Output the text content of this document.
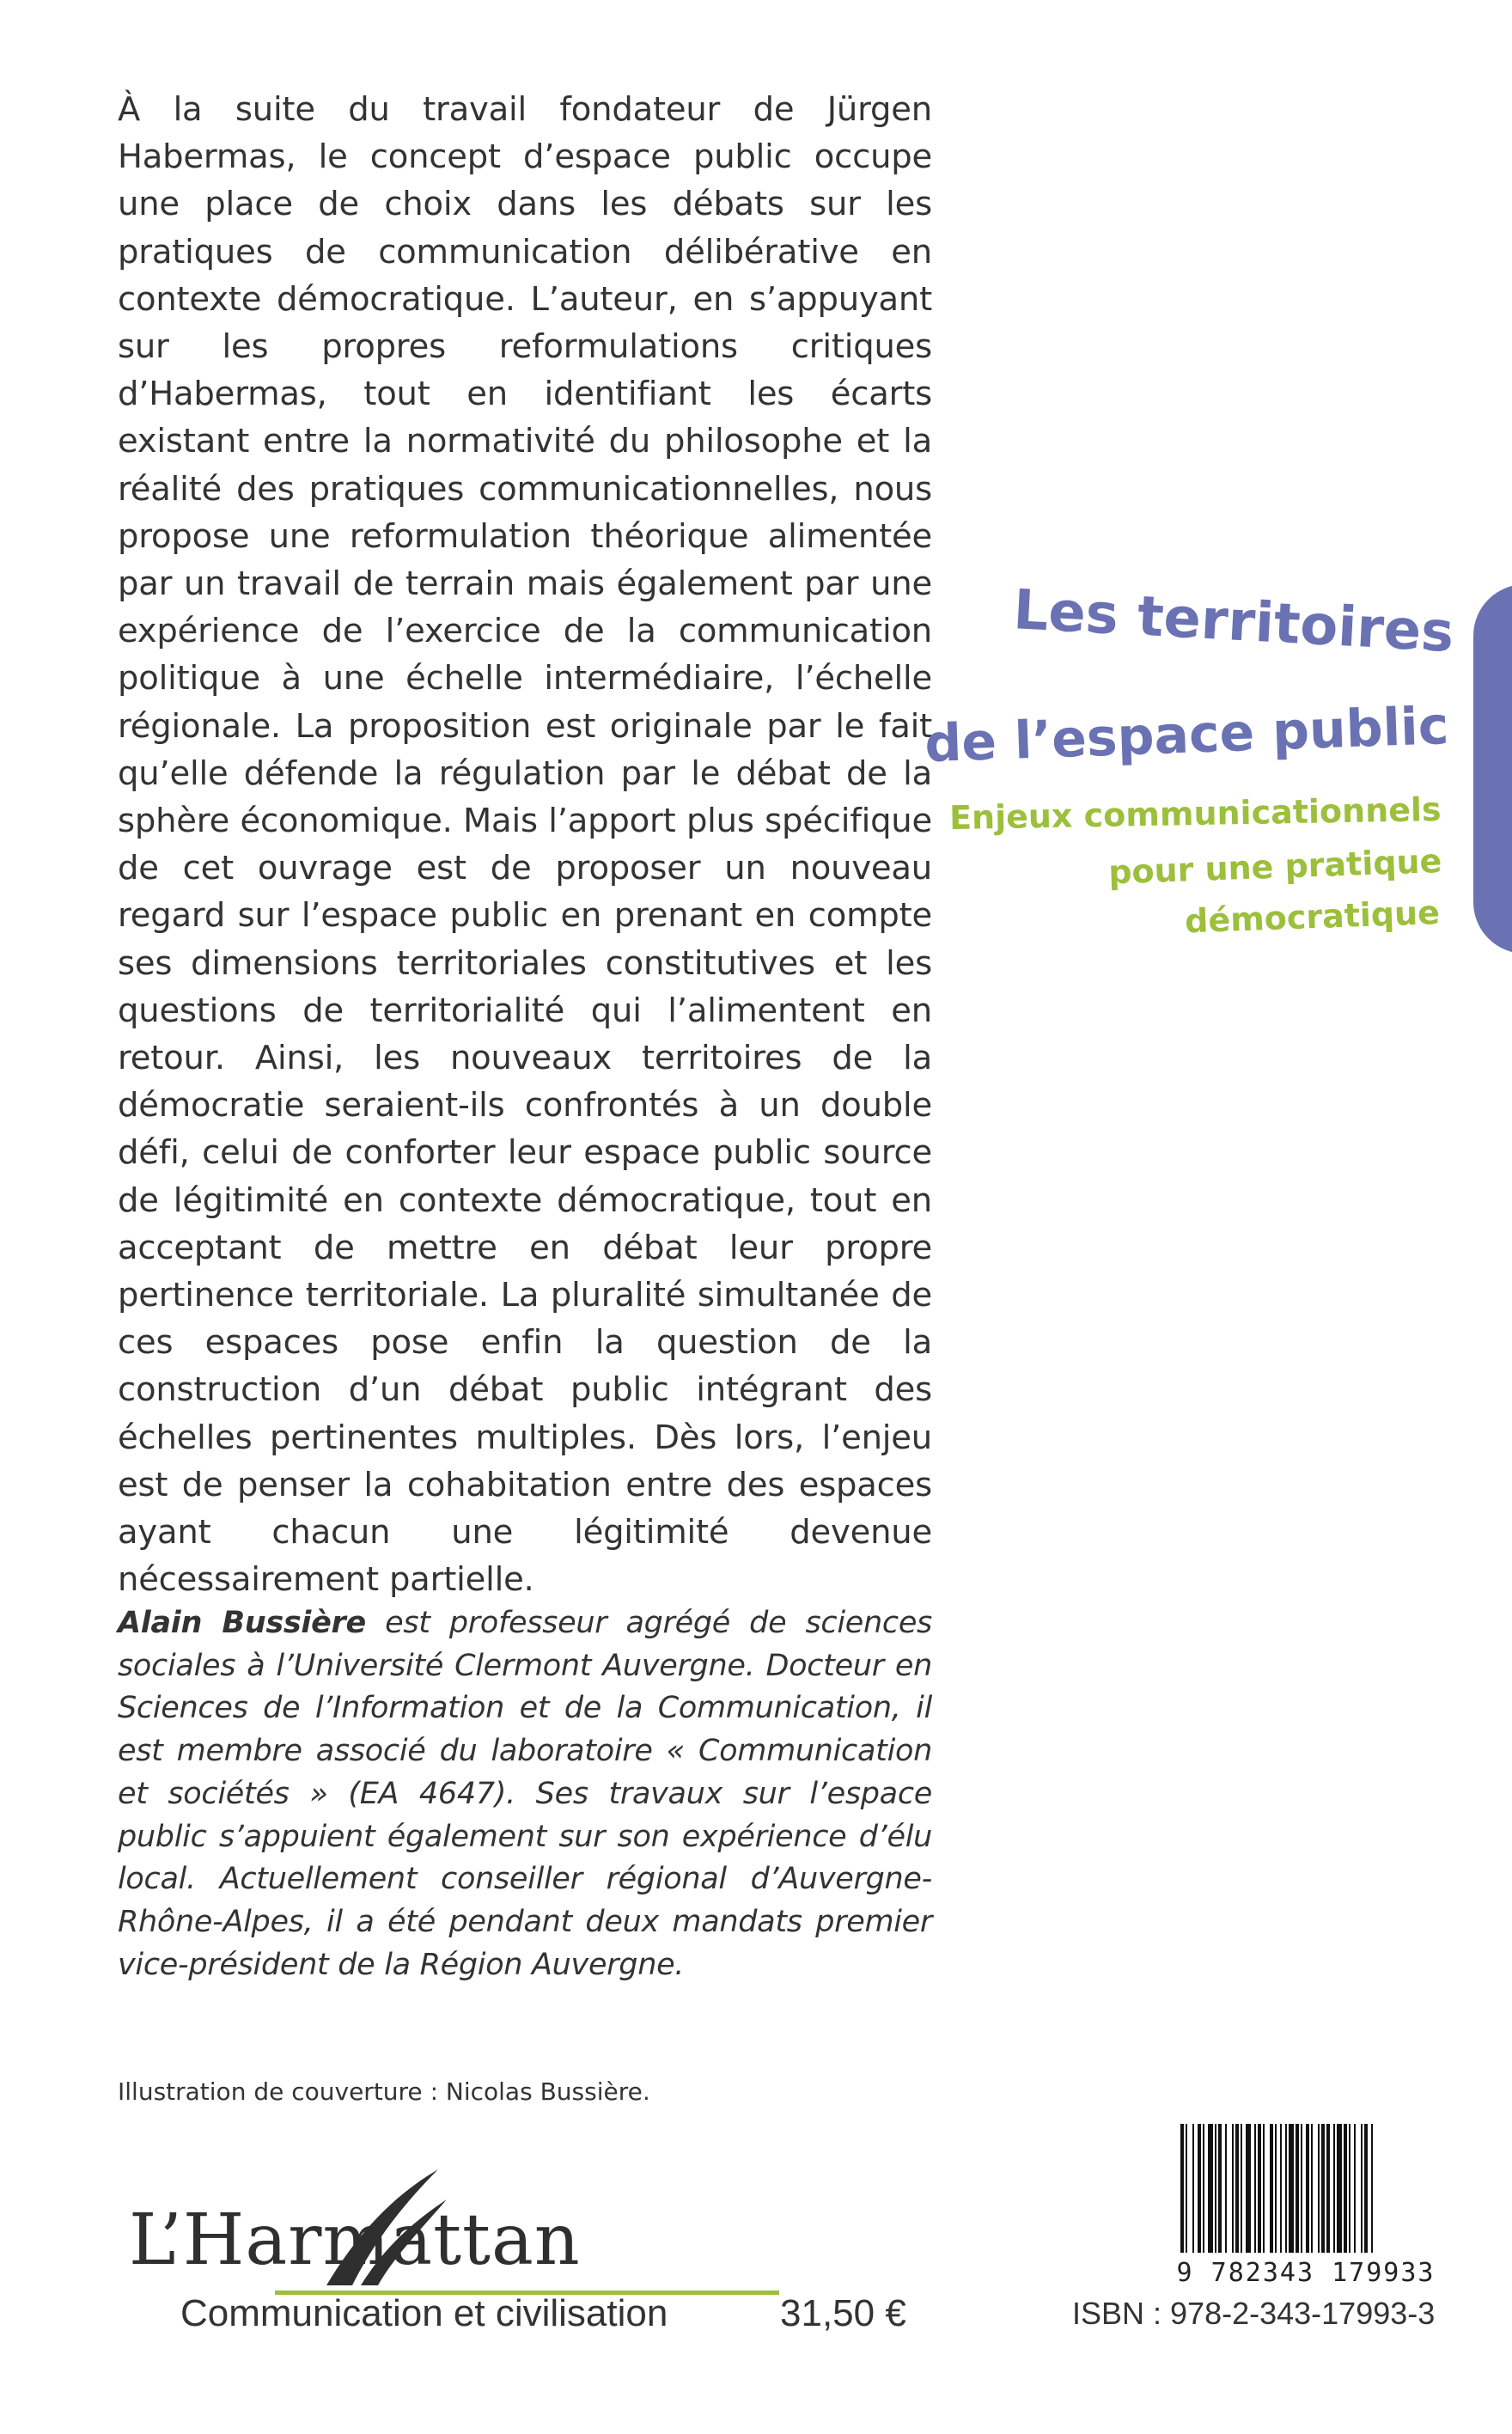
À la suite du travail fondateur de Jürgen Habermas, le concept d’espace public occupe une place de choix dans les débats sur les pratiques de communication délibérative en contexte démocratique. L’auteur, en s’appuyant sur les propres reformulations critiques d’Habermas, tout en identifiant les écarts existant entre la normativité du philosophe et la réalité des pratiques communicationnelles, nous propose une reformulation théorique alimentée par un travail de terrain mais également par une expérience de l’exercice de la communication politique à une échelle intermédiaire, l’échelle régionale. La proposition est originale par le fait qu’elle défende la régulation par le débat de la sphère économique. Mais l’apport plus spécifique de cet ouvrage est de proposer un nouveau regard sur l’espace public en prenant en compte ses dimensions territoriales constitutives et les questions de territorialité qui l’alimentent en retour. Ainsi, les nouveaux territoires de la démocratie seraient-ils confrontés à un double défi, celui de conforter leur espace public source de légitimité en contexte démocratique, tout en acceptant de mettre en débat leur propre pertinence territoriale. La pluralité simultanée de ces espaces pose enfin la question de la construction d’un débat public intégrant des échelles pertinentes multiples. Dès lors, l’enjeu est de penser la cohabitation entre des espaces ayant chacun une légitimité devenue nécessairement partielle.

Les territoires

de l’espace public

Enjeux communicationnels

pour une pratique

démocratique

Alain Bussière est professeur agrégé de sciences sociales à l’Université Clermont Auvergne. Docteur en Sciences de l’Information et de la Communication, il est membre associé du laboratoire « Communication et sociétés » (EA 4647). Ses travaux sur l’espace public s’appuient également sur son expérience d’élu local. Actuellement conseiller régional d’Auvergne-Rhône-Alpes, il a été pendant deux mandats premier vice-président de la Région Auvergne.

Illustration de couverture : Nicolas Bussière.

L’Harmattan

Communication et civilisation	31,50 €

9 782343 179933

ISBN : 978-2-343-17993-3
